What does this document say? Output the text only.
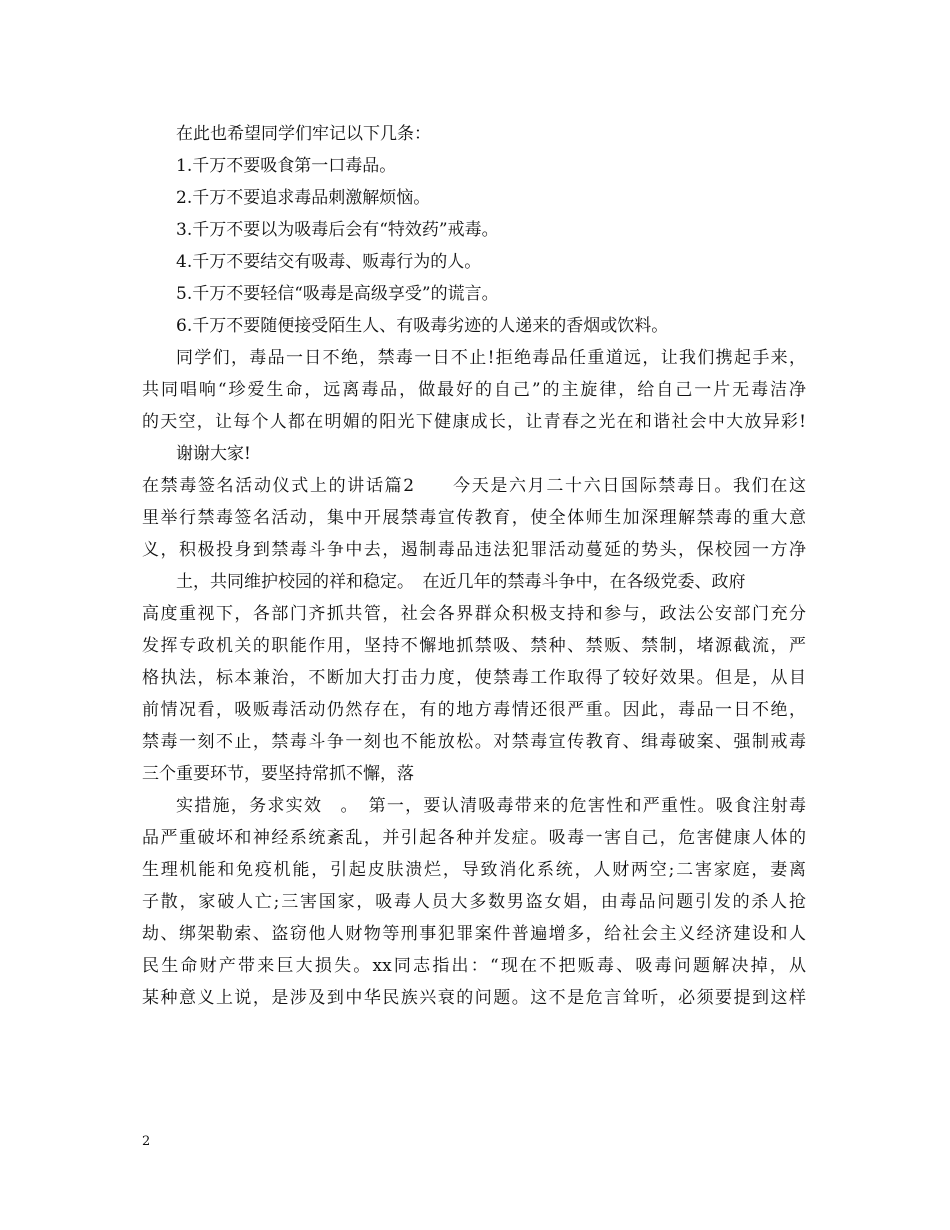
在此也希望同学们牢记以下几条：
1.千万不要吸食第一口毒品。
2.千万不要追求毒品刺激解烦恼。
3.千万不要以为吸毒后会有“特效药”戒毒。
4.千万不要结交有吸毒、贩毒行为的人。
5.千万不要轻信“吸毒是高级享受”的谎言。
6.千万不要随便接受陌生人、有吸毒劣迹的人递来的香烟或饮料。
同学们，毒品一日不绝，禁毒一日不止!拒绝毒品任重道远，让我们携起手来，
共同唱响“珍爱生命，远离毒品，做最好的自己”的主旋律，给自己一片无毒洁净
的天空，让每个人都在明媚的阳光下健康成长，让青春之光在和谐社会中大放异彩!
谢谢大家!
在禁毒签名活动仪式上的讲话篇2　　今天是六月二十六日国际禁毒日。我们在这
里举行禁毒签名活动，集中开展禁毒宣传教育，使全体师生加深理解禁毒的重大意
义，积极投身到禁毒斗争中去，遏制毒品违法犯罪活动蔓延的势头，保校园一方净
土，共同维护校园的祥和稳定。　在近几年的禁毒斗争中，在各级党委、政府
高度重视下，各部门齐抓共管，社会各界群众积极支持和参与，政法公安部门充分
发挥专政机关的职能作用，坚持不懈地抓禁吸、禁种、禁贩、禁制，堵源截流，严
格执法，标本兼治，不断加大打击力度，使禁毒工作取得了较好效果。但是，从目
前情况看，吸贩毒活动仍然存在，有的地方毒情还很严重。因此，毒品一日不绝，
禁毒一刻不止，禁毒斗争一刻也不能放松。对禁毒宣传教育、缉毒破案、强制戒毒
三个重要环节，要坚持常抓不懈，落
实措施，务求实效　。　第一，要认清吸毒带来的危害性和严重性。吸食注射毒
品严重破坏和神经系统紊乱，并引起各种并发症。吸毒一害自己，危害健康人体的
生理机能和免疫机能，引起皮肤溃烂，导致消化系统，人财两空;二害家庭，妻离
子散，家破人亡;三害国家，吸毒人员大多数男盗女娼，由毒品问题引发的杀人抢
劫、绑架勒索、盗窃他人财物等刑事犯罪案件普遍增多，给社会主义经济建设和人
民生命财产带来巨大损失。xx同志指出：“现在不把贩毒、吸毒问题解决掉，从
某种意义上说，是涉及到中华民族兴衰的问题。这不是危言耸听，必须要提到这样
2
